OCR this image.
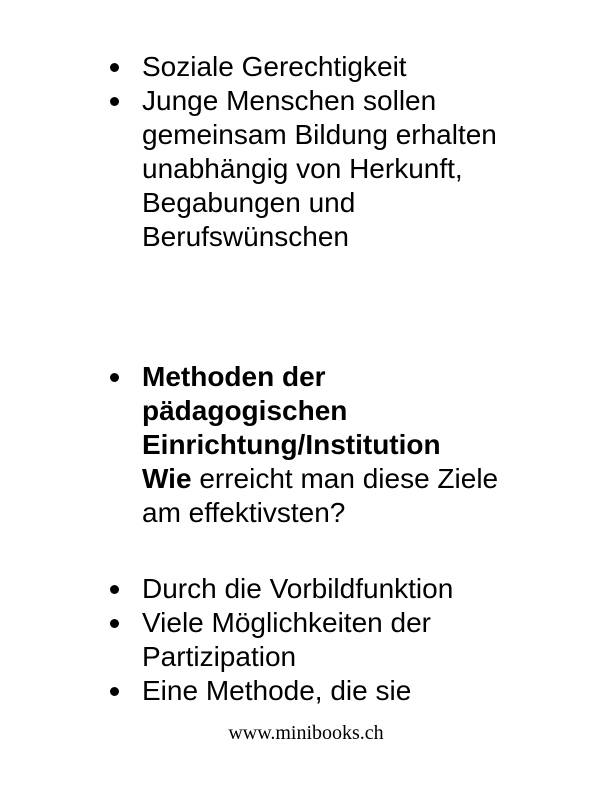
Soziale Gerechtigkeit
Junge Menschen sollen
gemeinsam Bildung erhalten
unabhängig von Herkunft,
Begabungen und
Berufswünschen
Methoden der
pädagogischen
Einrichtung/Institution
Wie erreicht man diese Ziele
am effektivsten?
Durch die Vorbildfunktion
Viele Möglichkeiten der
Partizipation
Eine Methode, die sie
www.minibooks.ch
